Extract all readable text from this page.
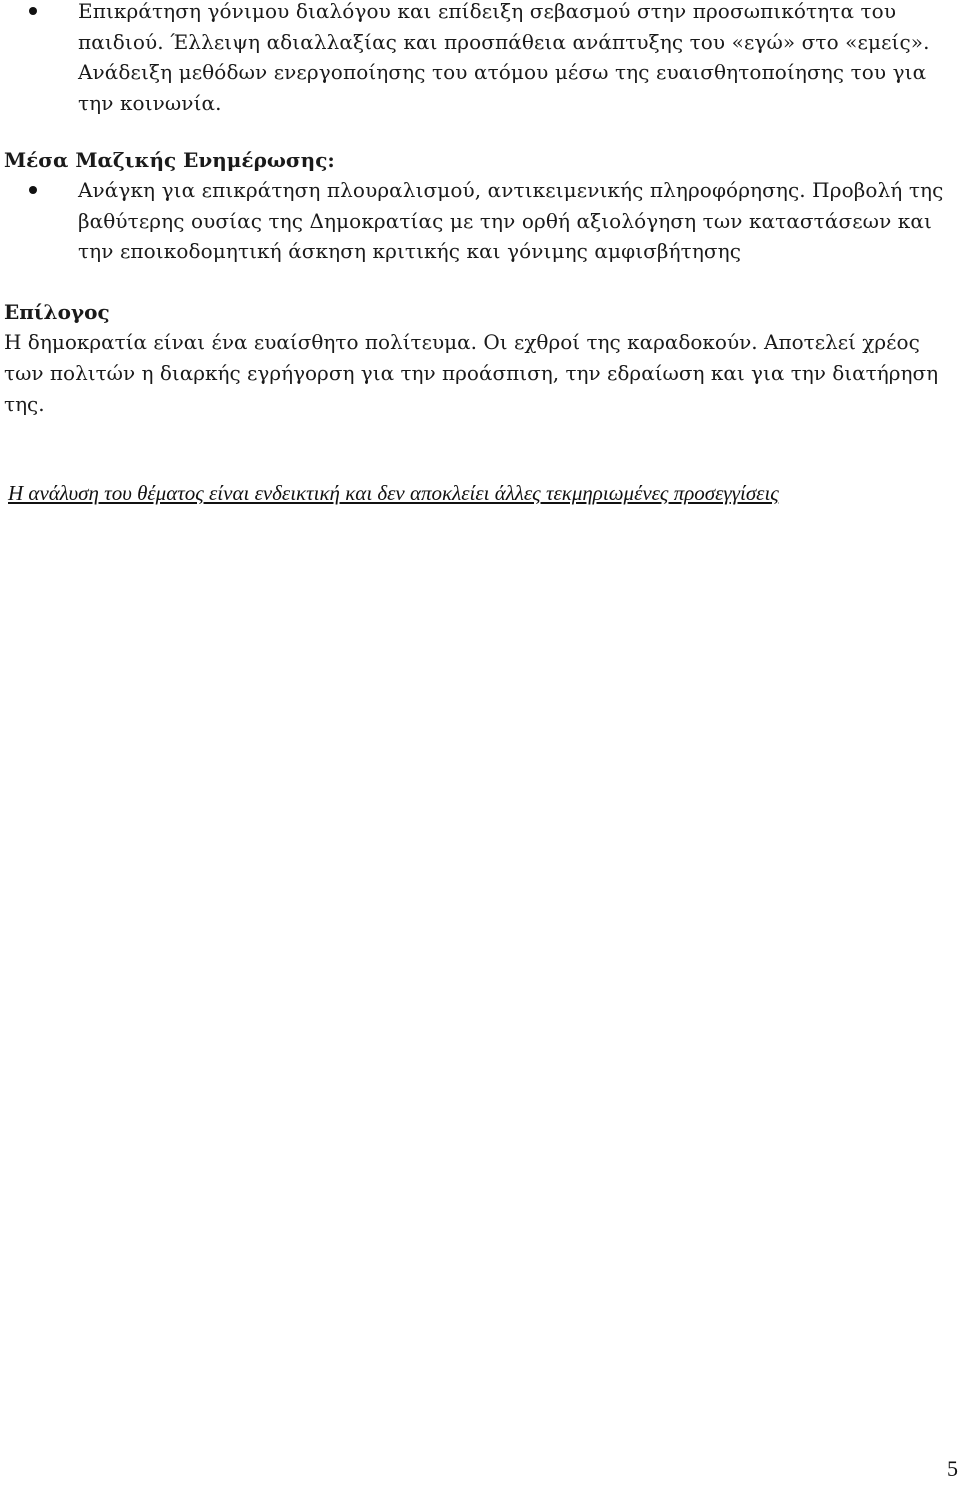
Επικράτηση γόνιμου διαλόγου και επίδειξη σεβασμού στην προσωπικότητα του παιδιού. Έλλειψη αδιαλλαξίας και προσπάθεια ανάπτυξης του «εγώ» στο «εμείς». Ανάδειξη μεθόδων ενεργοποίησης του ατόμου μέσω της ευαισθητοποίησης του για την κοινωνία.
Μέσα Μαζικής Ενημέρωσης:
Ανάγκη για επικράτηση πλουραλισμού, αντικειμενικής πληροφόρησης. Προβολή της βαθύτερης ουσίας της Δημοκρατίας με την ορθή αξιολόγηση των καταστάσεων και την εποικοδομητική άσκηση κριτικής και γόνιμης αμφισβήτησης
Επίλογος
Η δημοκρατία είναι ένα ευαίσθητο πολίτευμα. Οι εχθροί της καραδοκούν. Αποτελεί χρέος των πολιτών η διαρκής εγρήγορση για την προάσπιση, την εδραίωση και για την διατήρηση της.
Η ανάλυση του θέματος είναι ενδεικτική και δεν αποκλείει άλλες τεκμηριωμένες προσεγγίσεις
5
